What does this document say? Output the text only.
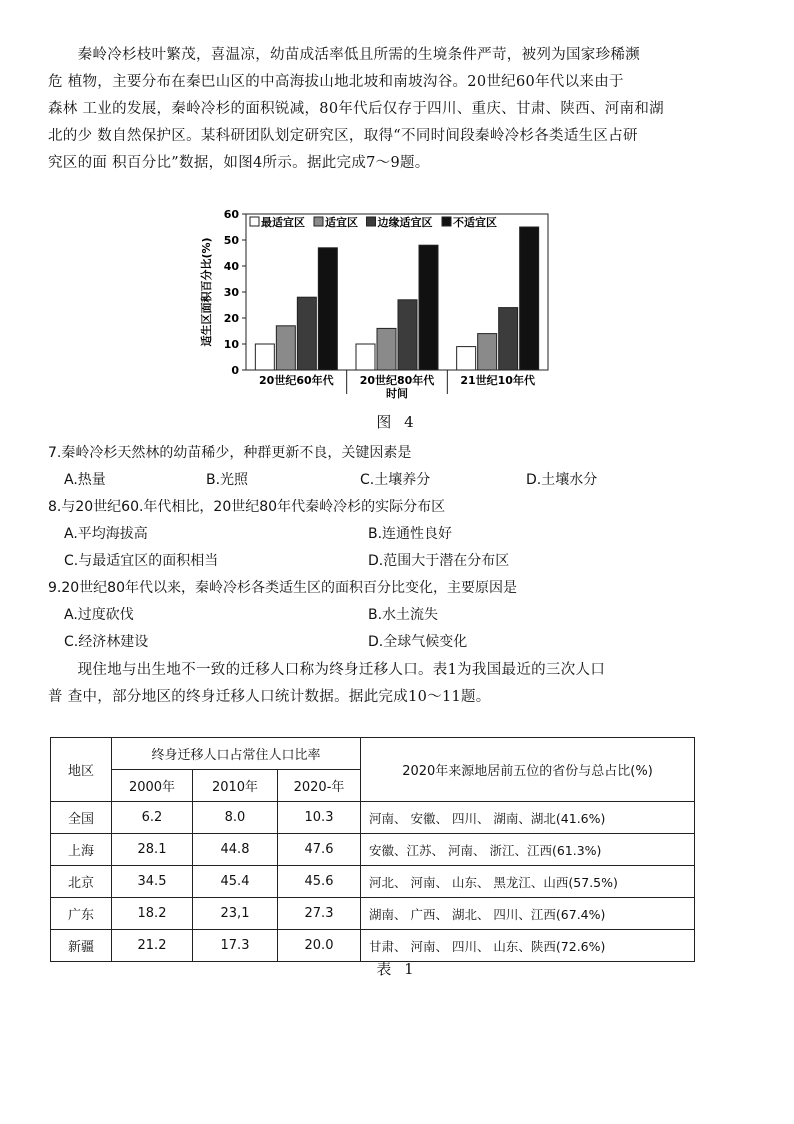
　　秦岭冷杉枝叶繁茂，喜温凉，幼苗成活率低且所需的生境条件严苛，被列为国家珍稀濒
危 植物，主要分布在秦巴山区的中高海拔山地北坡和南坡沟谷。20世纪60年代以来由于
森林 工业的发展，秦岭冷杉的面积锐减，80年代后仅存于四川、重庆、甘肃、陕西、河南和湖
北的少 数自然保护区。某科研团队划定研究区，取得“不同时间段秦岭冷杉各类适生区占研
究区的面 积百分比”数据，如图4所示。据此完成7～9题。
0
10
20
30
40
50
60
适生区面积百分比(%)
20世纪60年代 20世纪80年代 21世纪10年代
时间
最适宜区 适宜区 边缘适宜区 不适宜区
图 4
7.秦岭冷杉天然林的幼苗稀少，种群更新不良，关键因素是
A.热量	B.光照	C.土壤养分	D.土壤水分
8.与20世纪60.年代相比，20世纪80年代秦岭冷杉的实际分布区
A.平均海拔高	B.连通性良好
C.与最适宜区的面积相当	D.范围大于潜在分布区
9.20世纪80年代以来，秦岭冷杉各类适生区的面积百分比变化，主要原因是
A.过度砍伐	B.水土流失
C.经济林建设	D.全球气候变化
　　现住地与出生地不一致的迁移人口称为终身迁移人口。表1为我国最近的三次人口
普 查中，部分地区的终身迁移人口统计数据。据此完成10～11题。
地区	终身迁移人口占常住人口比率			2020年来源地居前五位的省份与总占比(%)
	2000年	2010年	2020-年	
全国	6.2	8.0	10.3	河南、 安徽、 四川、 湖南、湖北(41.6%)
上海	28.1	44.8	47.6	安徽、江苏、 河南、 浙江、江西(61.3%)
北京	34.5	45.4	45.6	河北、 河南、 山东、 黑龙江、山西(57.5%)
广东	18.2	23,1	27.3	湖南、 广西、 湖北、 四川、江西(67.4%)
新疆	21.2	17.3	20.0	甘肃、 河南、 四川、 山东、陕西(72.6%)
表 1
